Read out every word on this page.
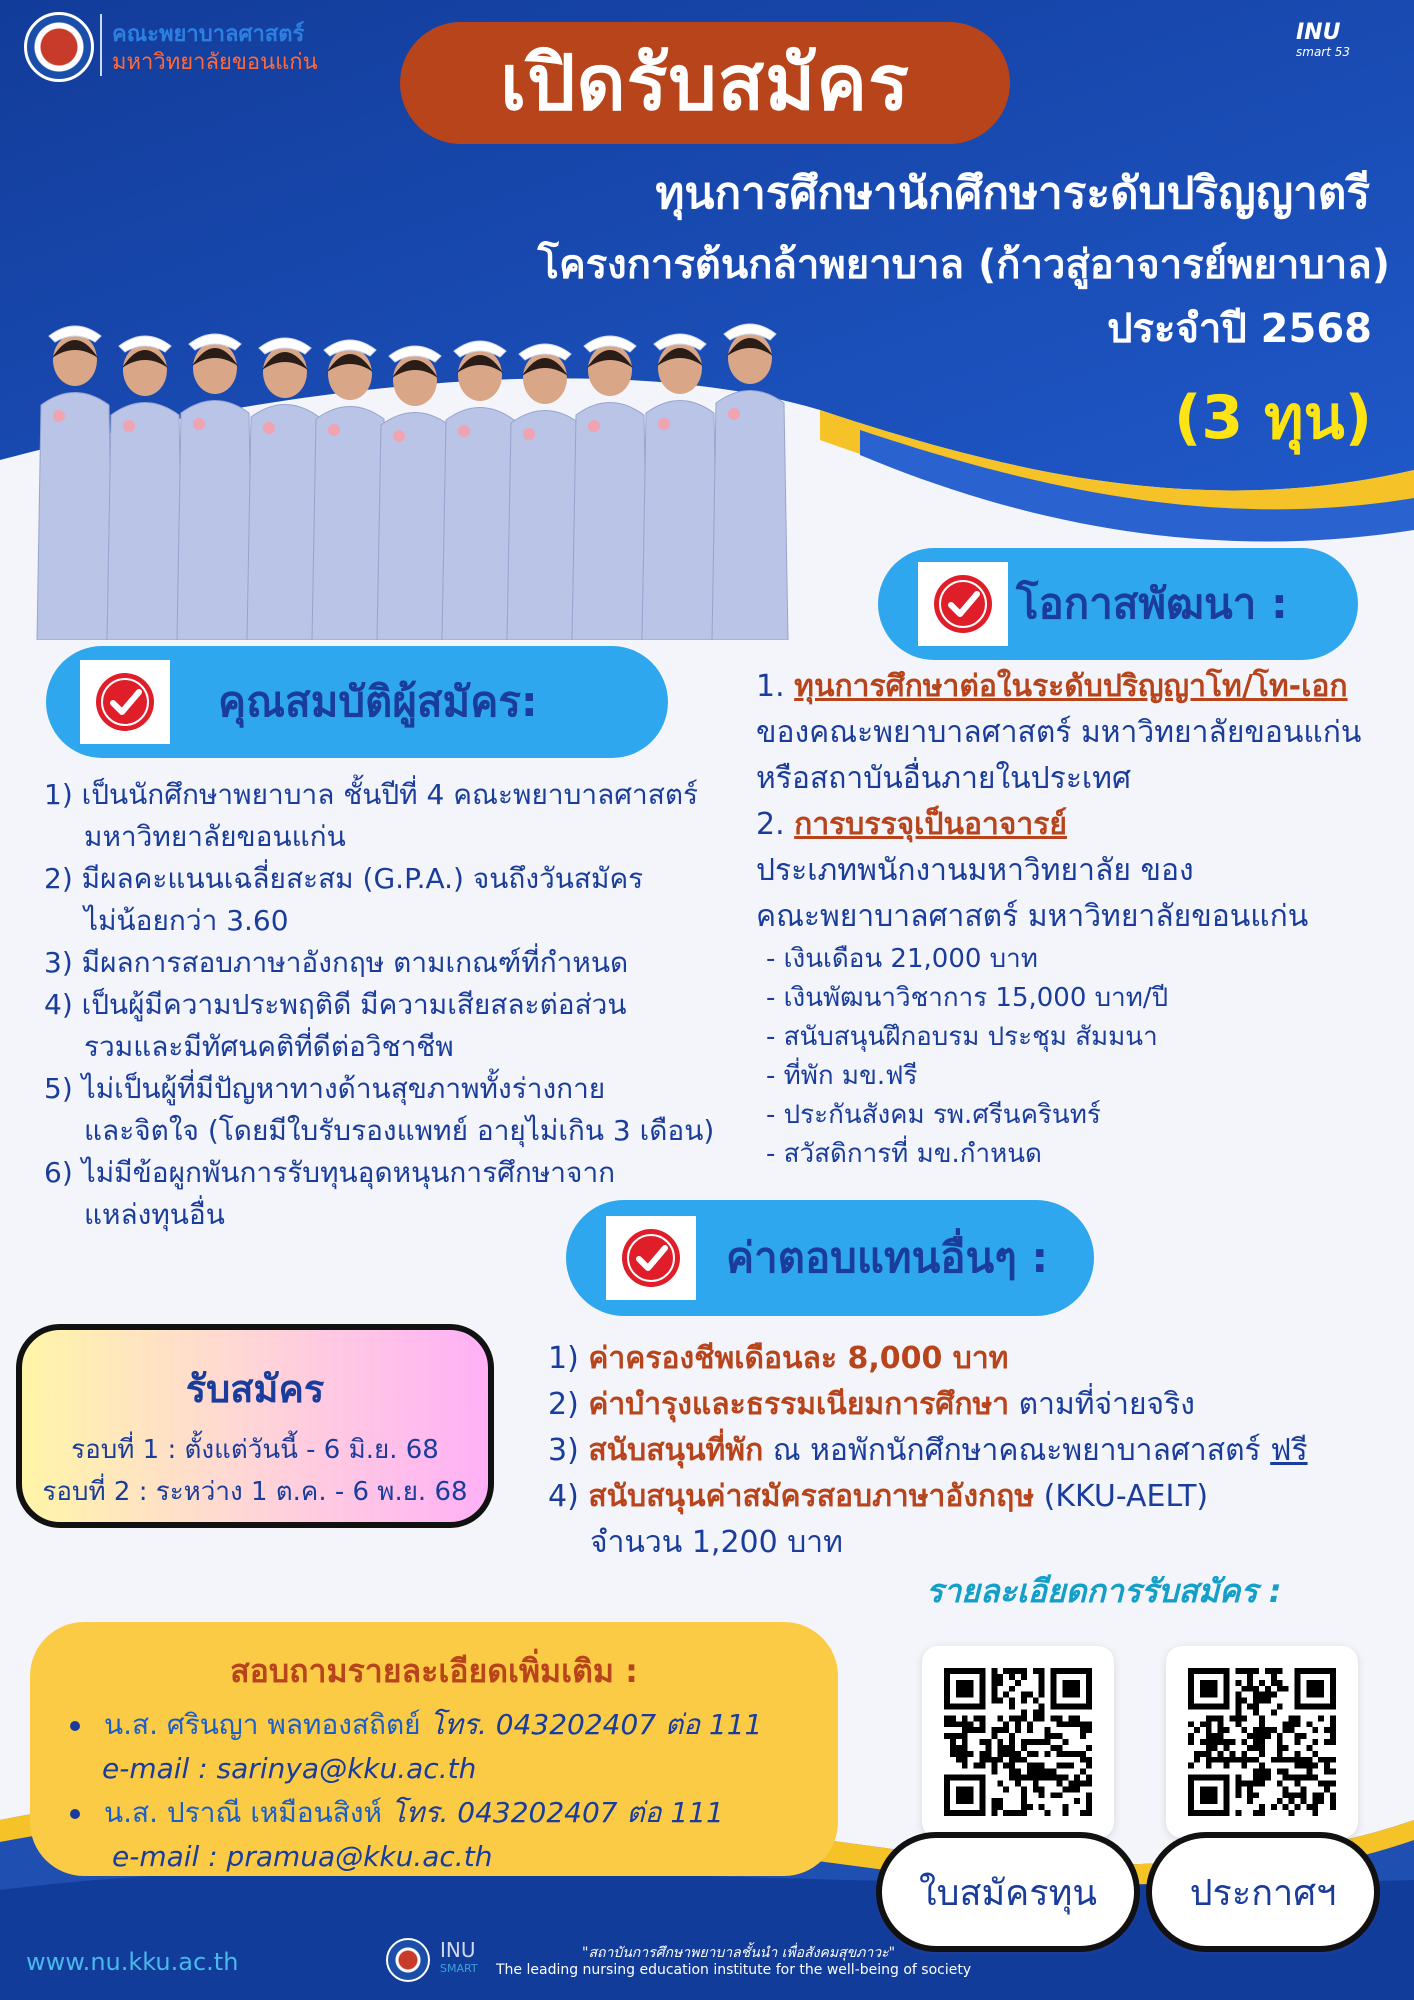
คณะพยาบาลศาสตร์
มหาวิทยาลัยขอนแก่น
INU
smart 53
เปิดรับสมัคร
ทุนการศึกษานักศึกษาระดับปริญญาตรี
โครงการต้นกล้าพยาบาล (ก้าวสู่อาจารย์พยาบาล)
ประจำปี 2568
(3 ทุน)
โอกาสพัฒนา :
1. ทุนการศึกษาต่อในระดับปริญญาโท/โท-เอก
ของคณะพยาบาลศาสตร์ มหาวิทยาลัยขอนแก่น
หรือสถาบันอื่นภายในประเทศ
2. การบรรจุเป็นอาจารย์
ประเภทพนักงานมหาวิทยาลัย ของ
คณะพยาบาลศาสตร์ มหาวิทยาลัยขอนแก่น
- เงินเดือน 21,000 บาท
- เงินพัฒนาวิชาการ 15,000 บาท/ปี
- สนับสนุนฝึกอบรม ประชุม สัมมนา
- ที่พัก มข.ฟรี
- ประกันสังคม รพ.ศรีนครินทร์
- สวัสดิการที่ มข.กำหนด
คุณสมบัติผู้สมัคร:
1) เป็นนักศึกษาพยาบาล ชั้นปีที่ 4 คณะพยาบาลศาสตร์
มหาวิทยาลัยขอนแก่น
2) มีผลคะแนนเฉลี่ยสะสม (G.P.A.) จนถึงวันสมัคร
ไม่น้อยกว่า 3.60
3) มีผลการสอบภาษาอังกฤษ ตามเกณฑ์ที่กำหนด
4) เป็นผู้มีความประพฤติดี มีความเสียสละต่อส่วน
รวมและมีทัศนคติที่ดีต่อวิชาชีพ
5) ไม่เป็นผู้ที่มีปัญหาทางด้านสุขภาพทั้งร่างกาย
และจิตใจ (โดยมีใบรับรองแพทย์ อายุไม่เกิน 3 เดือน)
6) ไม่มีข้อผูกพันการรับทุนอุดหนุนการศึกษาจาก
แหล่งทุนอื่น
ค่าตอบแทนอื่นๆ :
รับสมัคร
รอบที่ 1 : ตั้งแต่วันนี้ - 6 มิ.ย. 68
รอบที่ 2 : ระหว่าง 1 ต.ค. - 6 พ.ย. 68
1) ค่าครองชีพเดือนละ 8,000 บาท
2) ค่าบำรุงและธรรมเนียมการศึกษา ตามที่จ่ายจริง
3) สนับสนุนที่พัก ณ หอพักนักศึกษาคณะพยาบาลศาสตร์ ฟรี
4) สนับสนุนค่าสมัครสอบภาษาอังกฤษ (KKU-AELT)
จำนวน 1,200 บาท
รายละเอียดการรับสมัคร :
สอบถามรายละเอียดเพิ่มเติม :
น.ส. ศรินญา พลทองสถิตย์ โทร. 043202407 ต่อ 111
e-mail : sarinya@kku.ac.th
น.ส. ปราณี เหมือนสิงห์ โทร. 043202407 ต่อ 111
e-mail : pramua@kku.ac.th
ใบสมัครทุน	ประกาศฯ
www.nu.kku.ac.th	INU
SMART
"สถาบันการศึกษาพยาบาลชั้นนำ เพื่อสังคมสุขภาวะ"
The leading nursing education institute for the well-being of society
